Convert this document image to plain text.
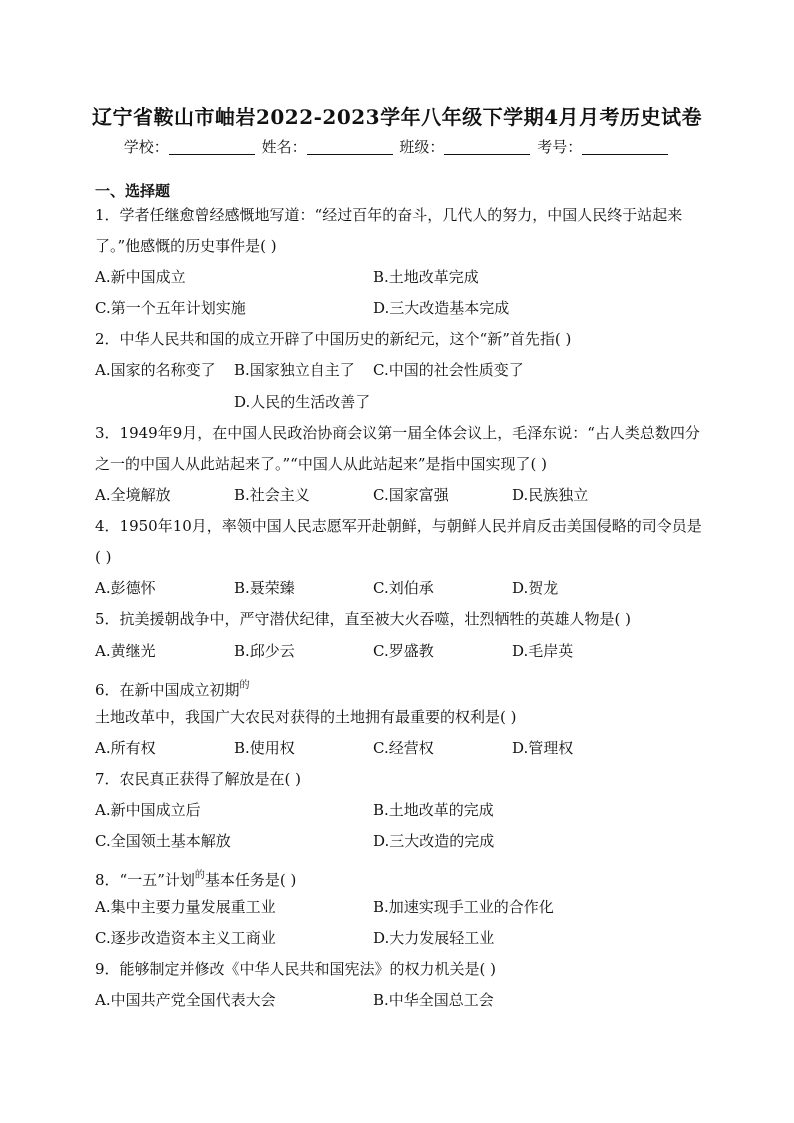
辽宁省鞍山市岫岩2022-2023学年八年级下学期4月月考历史试卷
学校：	姓名：	班级：	考号：
一、选择题
1．学者任继愈曾经感慨地写道：“经过百年的奋斗，几代人的努力，中国人民终于站起来了。”他感慨的历史事件是( )
A.新中国成立	B.土地改革完成
C.第一个五年计划实施	D.三大改造基本完成
2．中华人民共和国的成立开辟了中国历史的新纪元，这个“新”首先指( )
A.国家的名称变了 B.国家独立自主了 C.中国的社会性质变了
D.人民的生活改善了
3．1949年9月，在中国人民政治协商会议第一届全体会议上，毛泽东说：“占人类总数四分之一的中国人从此站起来了。”“中国人从此站起来”是指中国实现了( )
A.全境解放	B.社会主义	C.国家富强	D.民族独立
4．1950年10月，率领中国人民志愿军开赴朝鲜，与朝鲜人民并肩反击美国侵略的司令员是( )
A.彭德怀	B.聂荣臻	C.刘伯承	D.贺龙
5．抗美援朝战争中，严守潜伏纪律，直至被大火吞噬，壮烈牺牲的英雄人物是( )
A.黄继光	B.邱少云	C.罗盛教	D.毛岸英
6．在新中国成立初期$^的$
土地改革中，我国广大农民对获得的土地拥有最重要的权利是( )
A.所有权	B.使用权	C.经营权	D.管理权
7．农民真正获得了解放是在( )
A.新中国成立后	B.土地改革的完成
C.全国领土基本解放	D.三大改造的完成
8．“一五”计划$^的$基本任务是( )
A.集中主要力量发展重工业	B.加速实现手工业的合作化
C.逐步改造资本主义工商业	D.大力发展轻工业
9．能够制定并修改《中华人民共和国宪法》的权力机关是( )
A.中国共产党全国代表大会	B.中华全国总工会
